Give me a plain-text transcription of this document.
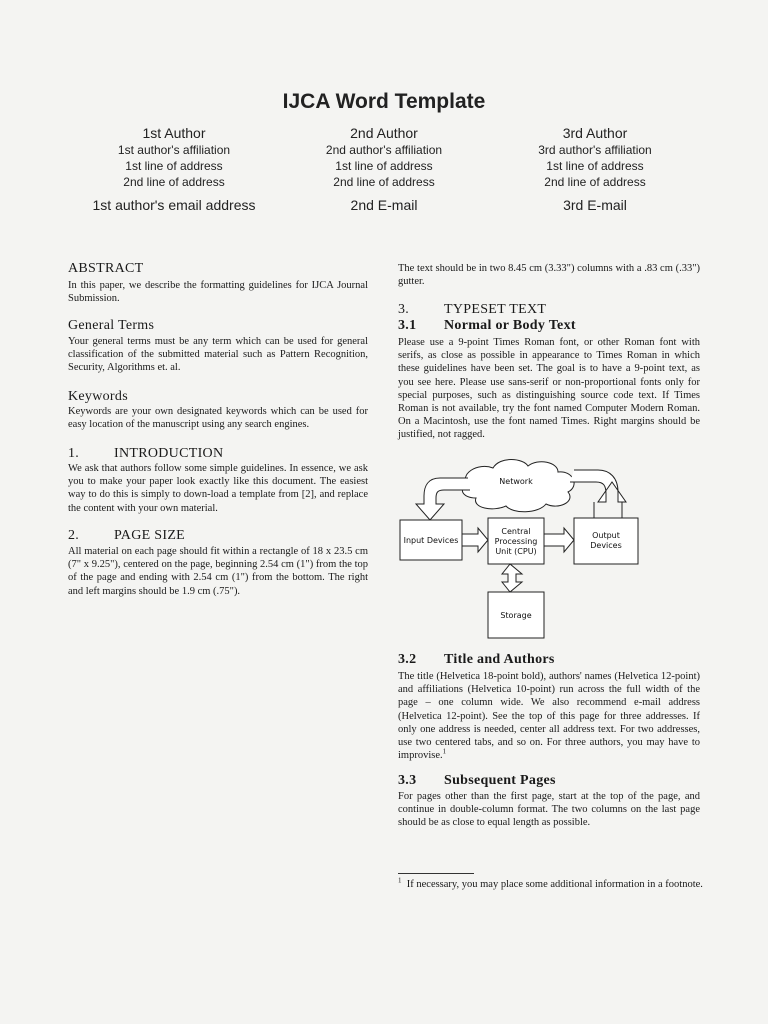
IJCA Word Template
1st Author
1st author's affiliation
1st line of address
2nd line of address
1st author's email address
2nd Author
2nd author's affiliation
1st line of address
2nd line of address
2nd E-mail
3rd Author
3rd author's affiliation
1st line of address
2nd line of address
3rd E-mail
ABSTRACT

In this paper, we describe the formatting guidelines for IJCA Journal Submission.

General Terms

Your general terms must be any term which can be used for general classification of the submitted material such as Pattern Recognition, Security, Algorithms et. al.

Keywords

Keywords are your own designated keywords which can be used for easy location of the manuscript using any search engines.

1. INTRODUCTION

We ask that authors follow some simple guidelines. In essence, we ask you to make your paper look exactly like this document. The easiest way to do this is simply to down-load a template from [2], and replace the content with your own material.

2. PAGE SIZE

All material on each page should fit within a rectangle of 18 x 23.5 cm (7" x 9.25"), centered on the page, beginning 2.54 cm (1") from the top of the page and ending with 2.54 cm (1") from the bottom. The right and left margins should be 1.9 cm (.75").

The text should be in two 8.45 cm (3.33") columns with a .83 cm (.33") gutter.

3. TYPESET TEXT
3.1 Normal or Body Text

Please use a 9-point Times Roman font, or other Roman font with serifs, as close as possible in appearance to Times Roman in which these guidelines have been set. The goal is to have a 9-point text, as you see here. Please use sans-serif or non-proportional fonts only for special purposes, such as distinguishing source code text. If Times Roman is not available, try the font named Computer Modern Roman. On a Macintosh, use the font named Times. Right margins should be justified, not ragged.

Network
Input Devices
Central
Processing
Unit (CPU)
Output
Devices
Storage
3.2 Title and Authors

The title (Helvetica 18-point bold), authors' names (Helvetica 12-point) and affiliations (Helvetica 10-point) run across the full width of the page – one column wide. We also recommend e-mail address (Helvetica 12-point). See the top of this page for three addresses. If only one address is needed, center all address text. For two addresses, use two centered tabs, and so on. For three authors, you may have to improvise.$^1$

3.3 Subsequent Pages

For pages other than the first page, start at the top of the page, and continue in double-column format. The two columns on the last page should be as close to equal length as possible.

$^1$ If necessary, you may place some additional information in a footnote.
